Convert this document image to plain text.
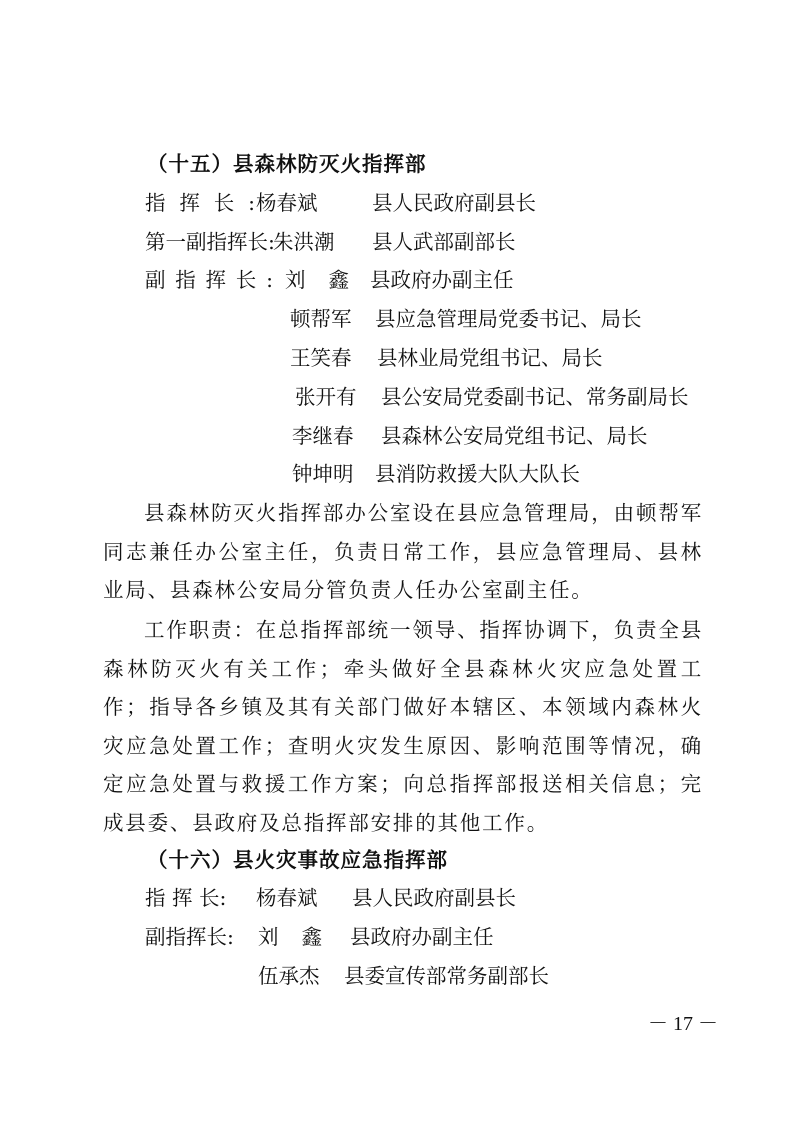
（十五）县森林防灭火指挥部
指挥长: 杨春斌	县人民政府副县长
第一副指挥长:
朱洪潮 县人武部副部长
副指挥长: 刘鑫
县政府办副主任
顿帮军 县应急管理局党委书记、局长
王笑春 县林业局党组书记、局长
张开有 县公安局党委副书记、常务副局长
李继春 县森林公安局党组书记、局长
钟坤明 县消防救援大队大队长
县森林防灭火指挥部办公室设在县应急管理局，由顿帮军同志兼任办公室主任，负责日常工作，县应急管理局、县林业局、县森林公安局分管负责人任办公室副主任。
工作职责：在总指挥部统一领导、指挥协调下，负责全县森林防灭火有关工作；牵头做好全县森林火灾应急处置工作；指导各乡镇及其有关部门做好本辖区、本领域内森林火灾应急处置工作；查明火灾发生原因、影响范围等情况，确定应急处置与救援工作方案；向总指挥部报送相关信息；完成县委、县政府及总指挥部安排的其他工作。
（十六）县火灾事故应急指挥部
指 挥 长: 杨春斌 县人民政府副县长
副指挥长: 刘鑫 县政府办副主任
伍承杰 县委宣传部常务副部长
－ 17 －
